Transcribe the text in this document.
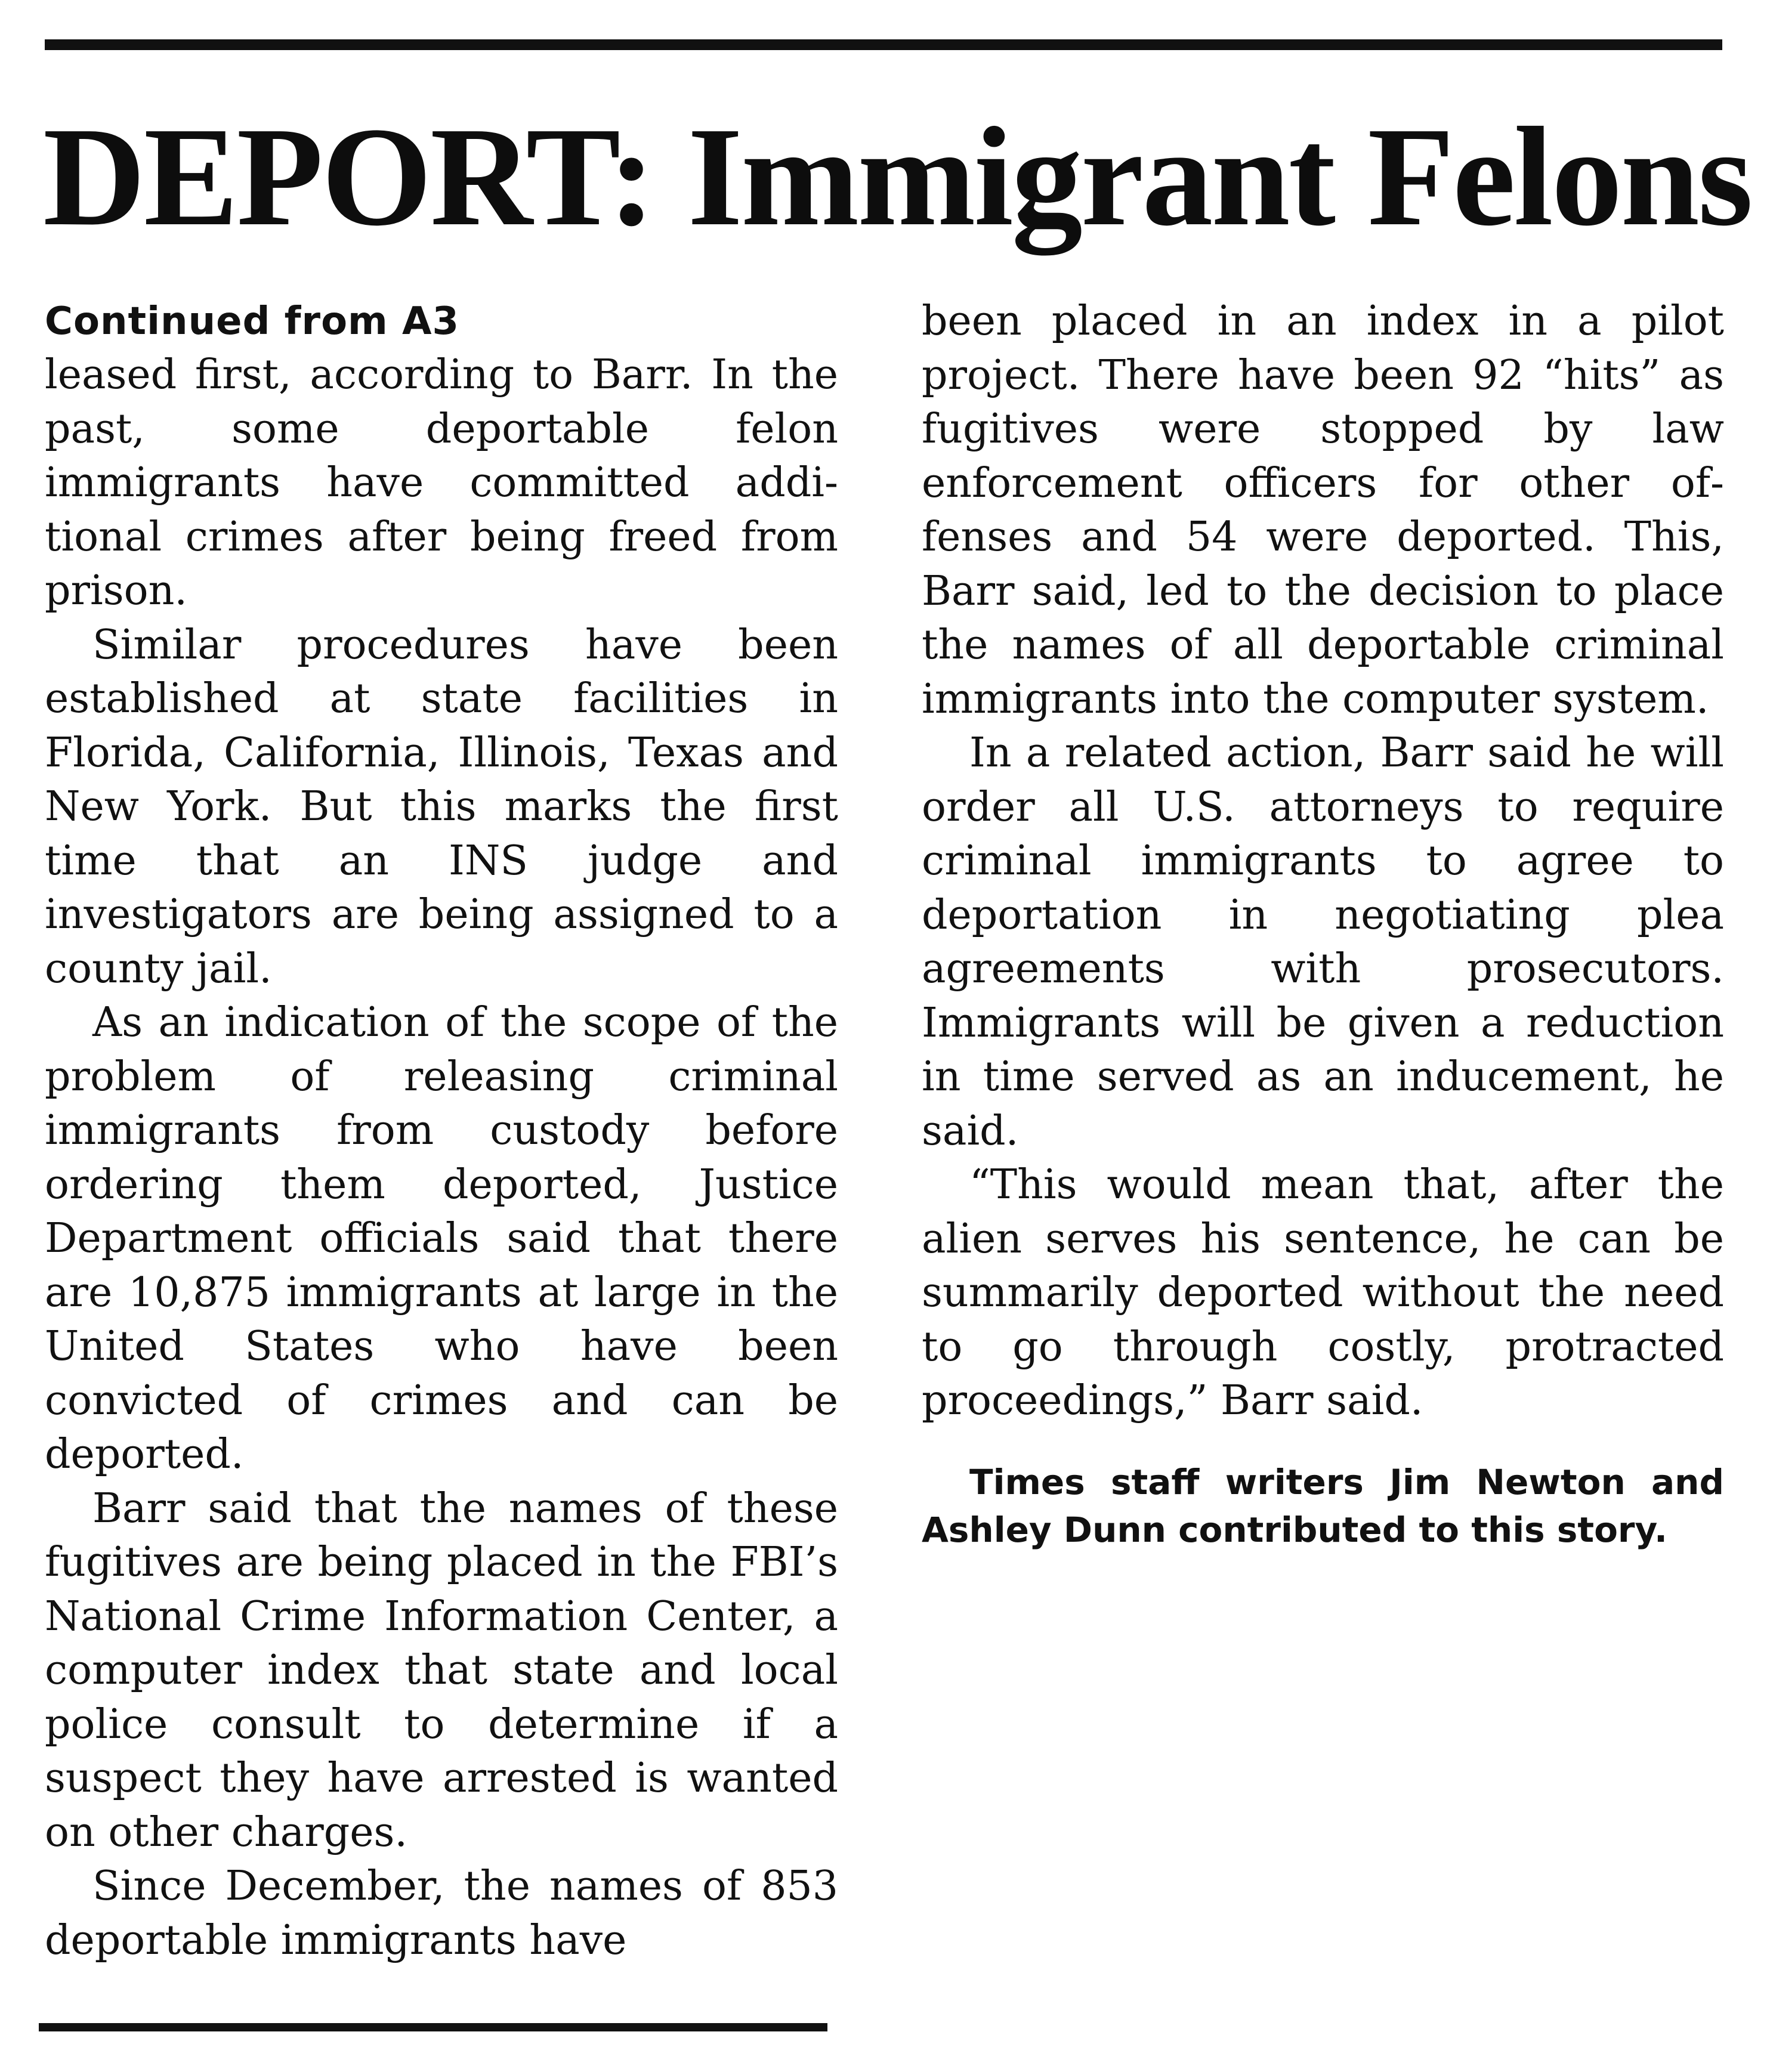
DEPORT: Immigrant Felons

Continued from A3

leased first, according to Barr. In the past, some deportable felon immigrants have committed additional crimes after being freed from prison.

Similar procedures have been established at state facilities in Florida, California, Illinois, Texas and New York. But this marks the first time that an INS judge and investigators are being assigned to a county jail.

As an indication of the scope of the problem of releasing criminal immigrants from custody before ordering them deported, Justice Department officials said that there are 10,875 immigrants at large in the United States who have been convicted of crimes and can be deported.

Barr said that the names of these fugitives are being placed in the FBI’s National Crime Information Center, a computer index that state and local police consult to determine if a suspect they have arrested is wanted on other charges.

Since December, the names of 853 deportable immigrants have

been placed in an index in a pilot project. There have been 92 “hits” as fugitives were stopped by law enforcement officers for other offenses and 54 were deported. This, Barr said, led to the decision to place the names of all deportable criminal immigrants into the computer system.

In a related action, Barr said he will order all U.S. attorneys to require criminal immigrants to agree to deportation in negotiating plea agreements with prosecutors. Immigrants will be given a reduction in time served as an inducement, he said.

“This would mean that, after the alien serves his sentence, he can be summarily deported without the need to go through costly, protracted proceedings,” Barr said.

Times staff writers Jim Newton and Ashley Dunn contributed to this story.
